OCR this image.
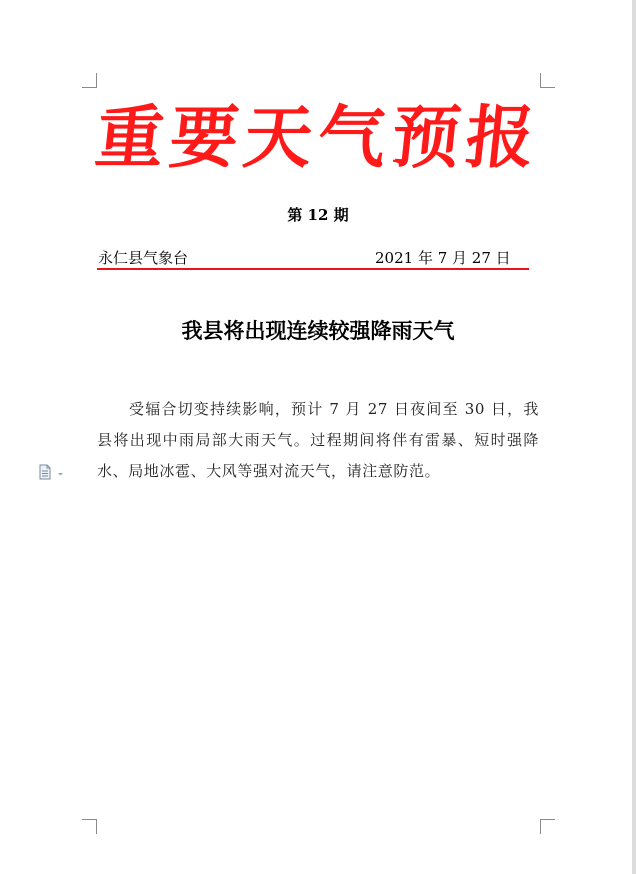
重要天气预报
第 12 期
永仁县气象台	2021 年 7 月 27 日
我县将出现连续较强降雨天气
受辐合切变持续影响，预计 7 月 27 日夜间至 30 日，我县将出现中雨局部大雨天气。过程期间将伴有雷暴、短时强降水、局地冰雹、大风等强对流天气，请注意防范。
